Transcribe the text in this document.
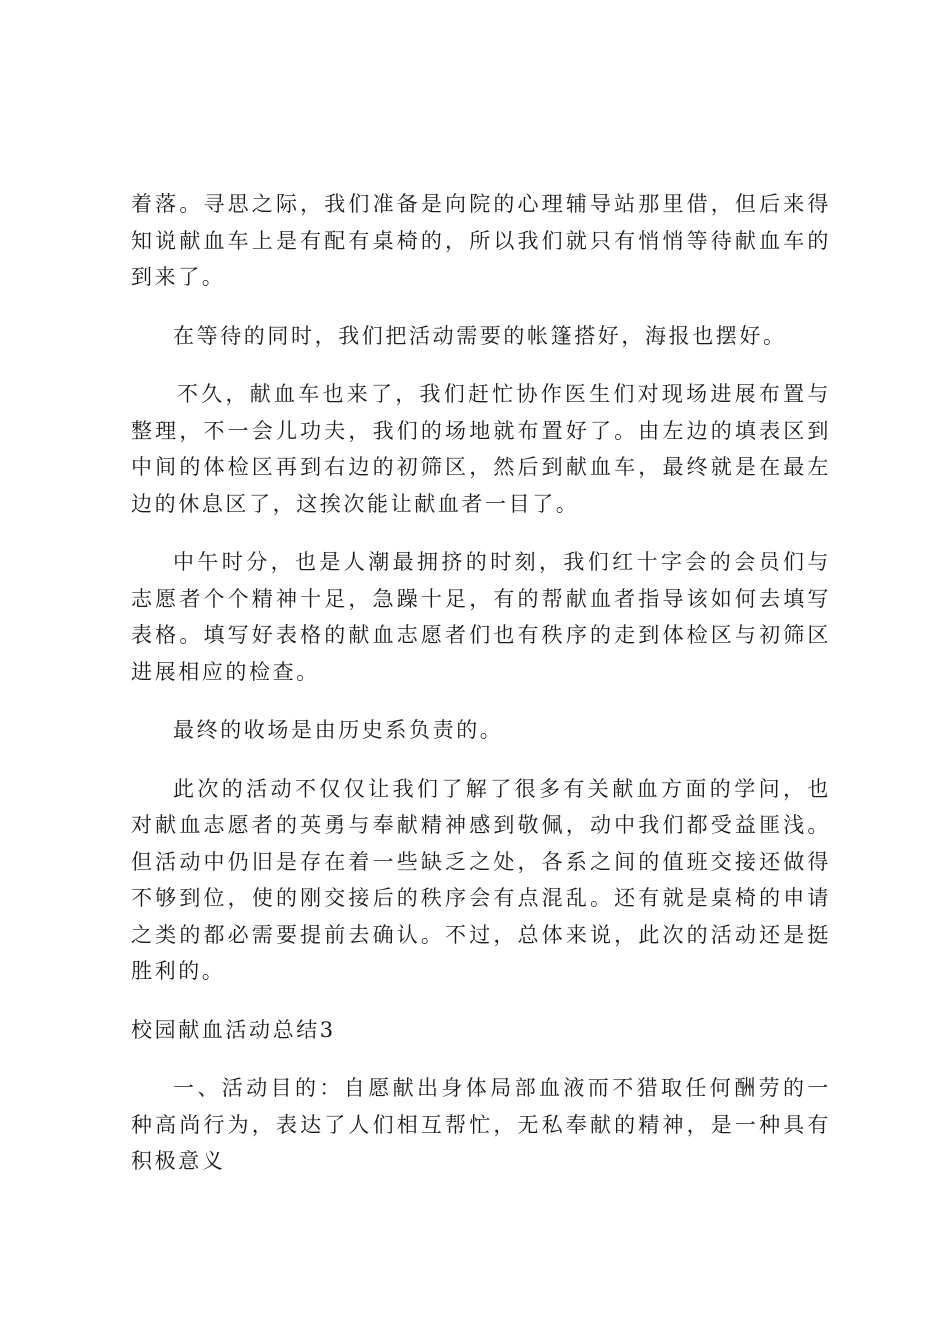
着落。寻思之际，我们准备是向院的心理辅导站那里借，但后来得知说献血车上是有配有桌椅的，所以我们就只有悄悄等待献血车的到来了。

在等待的同时，我们把活动需要的帐篷搭好，海报也摆好。

不久，献血车也来了，我们赶忙协作医生们对现场进展布置与整理，不一会儿功夫，我们的场地就布置好了。由左边的填表区到中间的体检区再到右边的初筛区，然后到献血车，最终就是在最左边的休息区了，这挨次能让献血者一目了。

中午时分，也是人潮最拥挤的时刻，我们红十字会的会员们与志愿者个个精神十足，急躁十足，有的帮献血者指导该如何去填写表格。填写好表格的献血志愿者们也有秩序的走到体检区与初筛区进展相应的检查。

最终的收场是由历史系负责的。

此次的活动不仅仅让我们了解了很多有关献血方面的学问，也对献血志愿者的英勇与奉献精神感到敬佩，动中我们都受益匪浅。但活动中仍旧是存在着一些缺乏之处，各系之间的值班交接还做得不够到位，使的刚交接后的秩序会有点混乱。还有就是桌椅的申请之类的都必需要提前去确认。不过，总体来说，此次的活动还是挺胜利的。

校园献血活动总结3

一、活动目的：自愿献出身体局部血液而不猎取任何酬劳的一种高尚行为，表达了人们相互帮忙，无私奉献的精神，是一种具有积极意义
